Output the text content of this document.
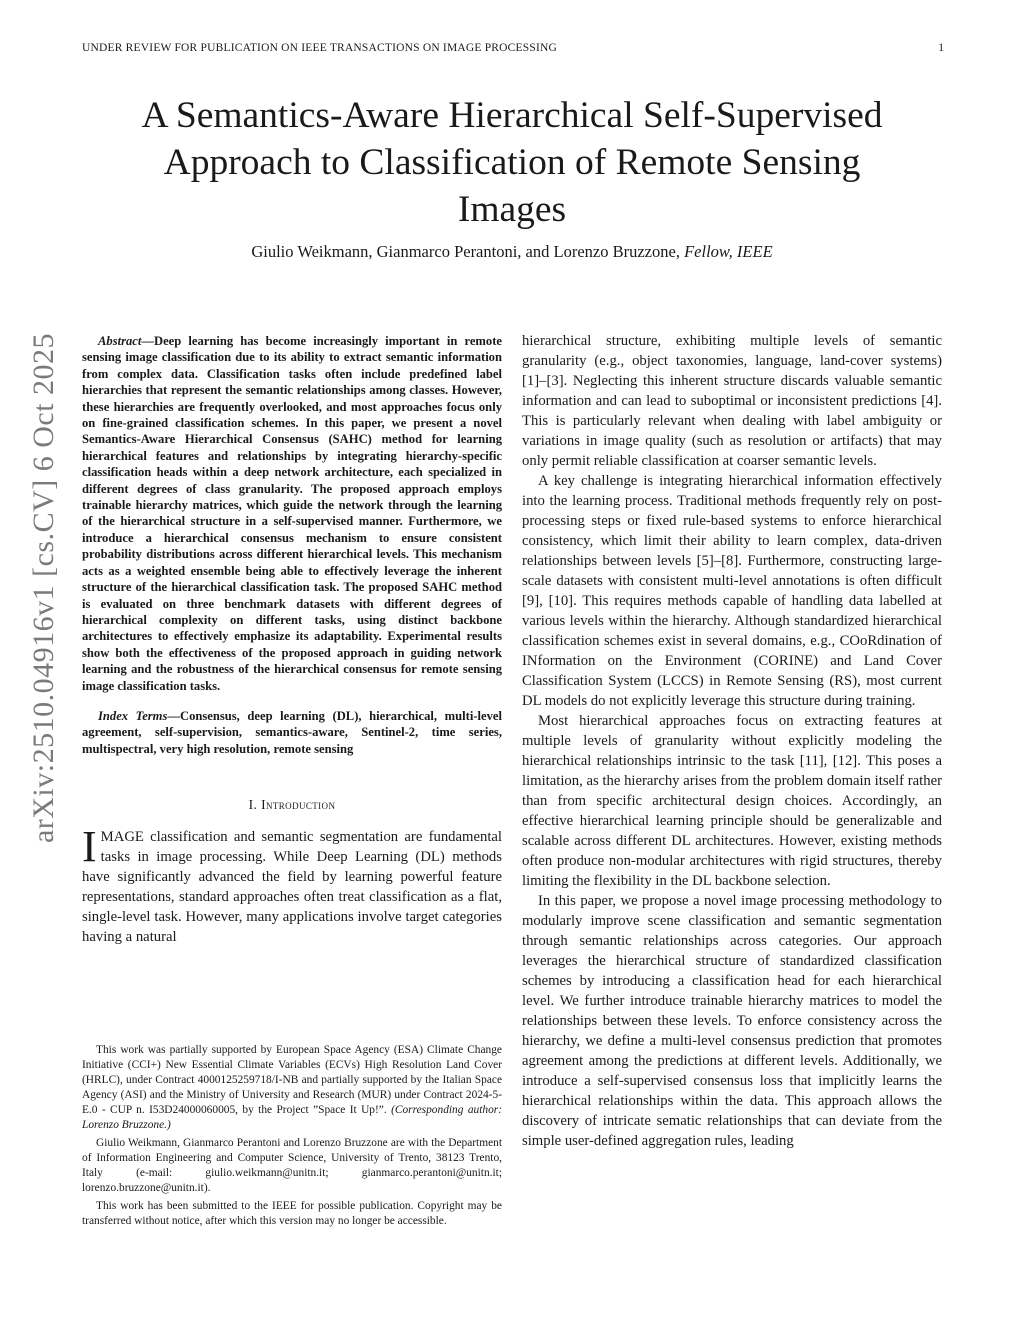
UNDER REVIEW FOR PUBLICATION ON IEEE TRANSACTIONS ON IMAGE PROCESSING	1
arXiv:2510.04916v1 [cs.CV] 6 Oct 2025
A Semantics-Aware Hierarchical Self-Supervised
Approach to Classification of Remote Sensing
Images
Giulio Weikmann, Gianmarco Perantoni, and Lorenzo Bruzzone, Fellow, IEEE

Abstract—Deep learning has become increasingly important in remote sensing image classification due to its ability to extract semantic information from complex data. Classification tasks often include predefined label hierarchies that represent the semantic relationships among classes. However, these hierarchies are frequently overlooked, and most approaches focus only on fine-grained classification schemes. In this paper, we present a novel Semantics-Aware Hierarchical Consensus (SAHC) method for learning hierarchical features and relationships by integrating hierarchy-specific classification heads within a deep network architecture, each specialized in different degrees of class granularity. The proposed approach employs trainable hierarchy matrices, which guide the network through the learning of the hierarchical structure in a self-supervised manner. Furthermore, we introduce a hierarchical consensus mechanism to ensure consistent probability distributions across different hierarchical levels. This mechanism acts as a weighted ensemble being able to effectively leverage the inherent structure of the hierarchical classification task. The proposed SAHC method is evaluated on three benchmark datasets with different degrees of hierarchical complexity on different tasks, using distinct backbone architectures to effectively emphasize its adaptability. Experimental results show both the effectiveness of the proposed approach in guiding network learning and the robustness of the hierarchical consensus for remote sensing image classification tasks.

Index Terms—Consensus, deep learning (DL), hierarchical, multi-level agreement, self-supervision, semantics-aware, Sentinel-2, time series, multispectral, very high resolution, remote sensing

I. Introduction

IMAGE classification and semantic segmentation are fundamental tasks in image processing. While Deep Learning (DL) methods have significantly advanced the field by learning powerful feature representations, standard approaches often treat classification as a flat, single-level task. However, many applications involve target categories having a natural

This work was partially supported by European Space Agency (ESA) Climate Change Initiative (CCI+) New Essential Climate Variables (ECVs) High Resolution Land Cover (HRLC), under Contract 4000125259718/I-NB and partially supported by the Italian Space Agency (ASI) and the Ministry of University and Research (MUR) under Contract 2024-5-E.0 - CUP n. I53D24000060005, by the Project ”Space It Up!”. (Corresponding author: Lorenzo Bruzzone.)

Giulio Weikmann, Gianmarco Perantoni and Lorenzo Bruzzone are with the Department of Information Engineering and Computer Science, University of Trento, 38123 Trento, Italy (e-mail: giulio.weikmann@unitn.it; gianmarco.perantoni@unitn.it; lorenzo.bruzzone@unitn.it).

This work has been submitted to the IEEE for possible publication. Copyright may be transferred without notice, after which this version may no longer be accessible.

hierarchical structure, exhibiting multiple levels of semantic granularity (e.g., object taxonomies, language, land-cover systems) [1]–[3]. Neglecting this inherent structure discards valuable semantic information and can lead to suboptimal or inconsistent predictions [4]. This is particularly relevant when dealing with label ambiguity or variations in image quality (such as resolution or artifacts) that may only permit reliable classification at coarser semantic levels.

A key challenge is integrating hierarchical information effectively into the learning process. Traditional methods frequently rely on post-processing steps or fixed rule-based systems to enforce hierarchical consistency, which limit their ability to learn complex, data-driven relationships between levels [5]–[8]. Furthermore, constructing large-scale datasets with consistent multi-level annotations is often difficult [9], [10]. This requires methods capable of handling data labelled at various levels within the hierarchy. Although standardized hierarchical classification schemes exist in several domains, e.g., COoRdination of INformation on the Environment (CORINE) and Land Cover Classification System (LCCS) in Remote Sensing (RS), most current DL models do not explicitly leverage this structure during training.

Most hierarchical approaches focus on extracting features at multiple levels of granularity without explicitly modeling the hierarchical relationships intrinsic to the task [11], [12]. This poses a limitation, as the hierarchy arises from the problem domain itself rather than from specific architectural design choices. Accordingly, an effective hierarchical learning principle should be generalizable and scalable across different DL architectures. However, existing methods often produce non-modular architectures with rigid structures, thereby limiting the flexibility in the DL backbone selection.

In this paper, we propose a novel image processing methodology to modularly improve scene classification and semantic segmentation through semantic relationships across categories. Our approach leverages the hierarchical structure of standardized classification schemes by introducing a classification head for each hierarchical level. We further introduce trainable hierarchy matrices to model the relationships between these levels. To enforce consistency across the hierarchy, we define a multi-level consensus prediction that promotes agreement among the predictions at different levels. Additionally, we introduce a self-supervised consensus loss that implicitly learns the hierarchical relationships within the data. This approach allows the discovery of intricate sematic relationships that can deviate from the simple user-defined aggregation rules, leading
